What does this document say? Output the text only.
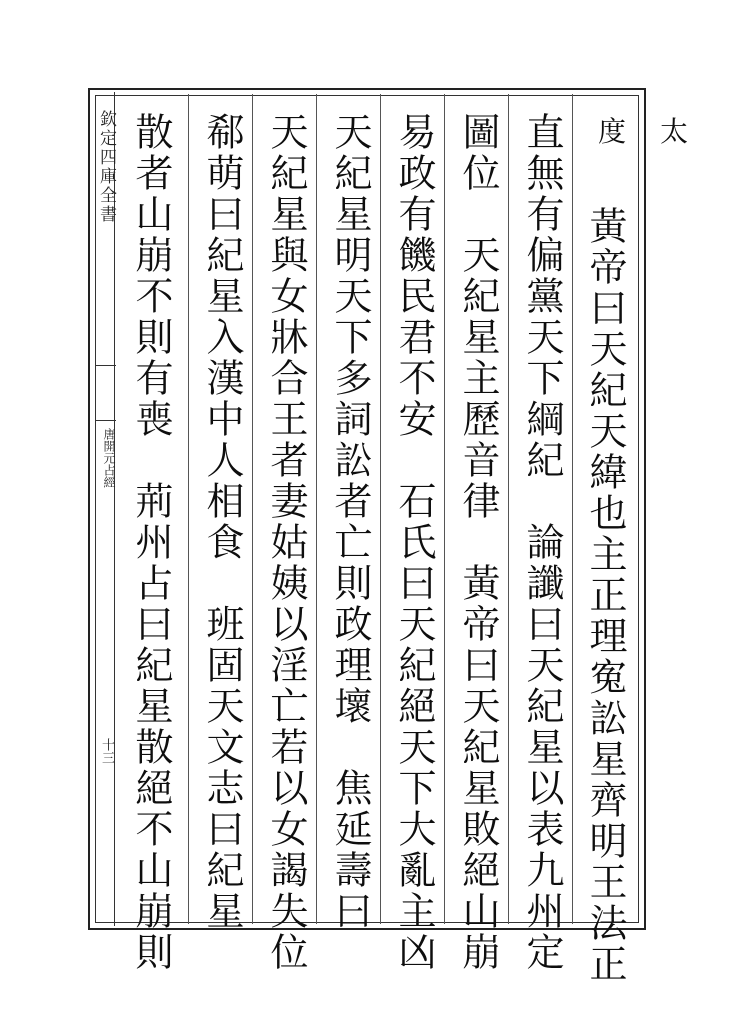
欽定四庫全書
唐開元占經
十三
度　太
　黃帝曰天紀天緯也主正理寃訟星齊明王法正
直無有偏黨天下綱紀　論讖曰天紀星以表九州定
圖位　天紀星主歷音律　黃帝曰天紀星敗絕山崩
易政有饑民君不安　石氏曰天紀絕天下大亂主凶
天紀星明天下多詞訟者亡則政理壞　焦延壽曰
天紀星與女牀合王者妻姑姨以淫亡若以女謁失位
郗萌曰紀星入漢中人相食　班固天文志曰紀星
散者山崩不則有喪　荊州占曰紀星散絕不山崩則
